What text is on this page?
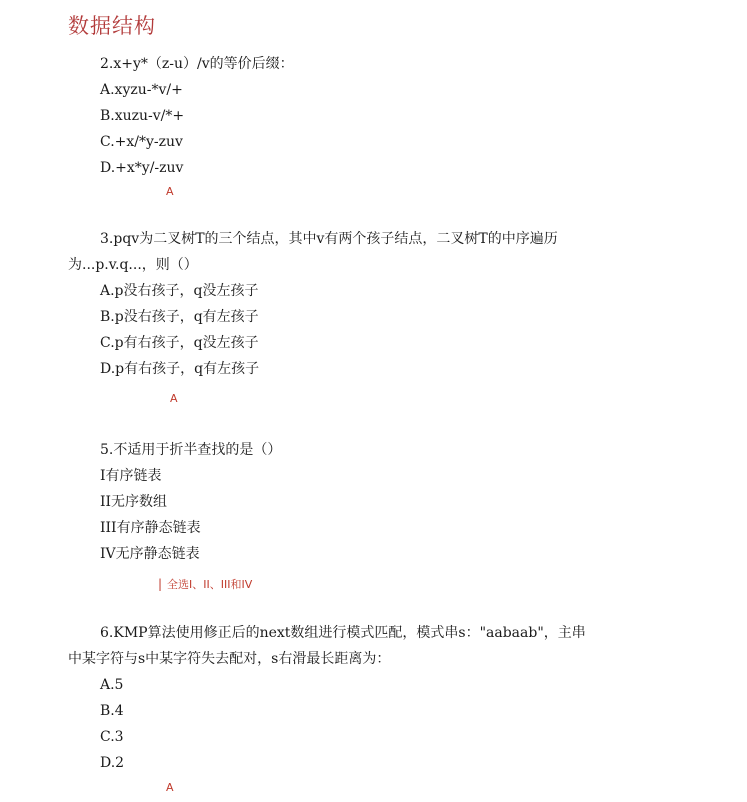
数据结构
2.x+y*（z-u）/v的等价后缀：
A.xyzu-*v/+
B.xuzu-v/*+
C.+x/*y-zuv
D.+x*y/-zuv
A
3.pqv为二叉树T的三个结点，其中v有两个孩子结点，二叉树T的中序遍历
为...p.v.q...，则（）
A.p没右孩子，q没左孩子
B.p没右孩子，q有左孩子
C.p有右孩子，q没左孩子
D.p有右孩子，q有左孩子
A
5.不适用于折半查找的是（）
I有序链表
II无序数组
III有序静态链表
IV无序静态链表
| 全选I、II、III和IV
6.KMP算法使用修正后的next数组进行模式匹配，模式串s："aabaab"，主串
中某字符与s中某字符失去配对，s右滑最长距离为：
A.5
B.4
C.3
D.2
A
